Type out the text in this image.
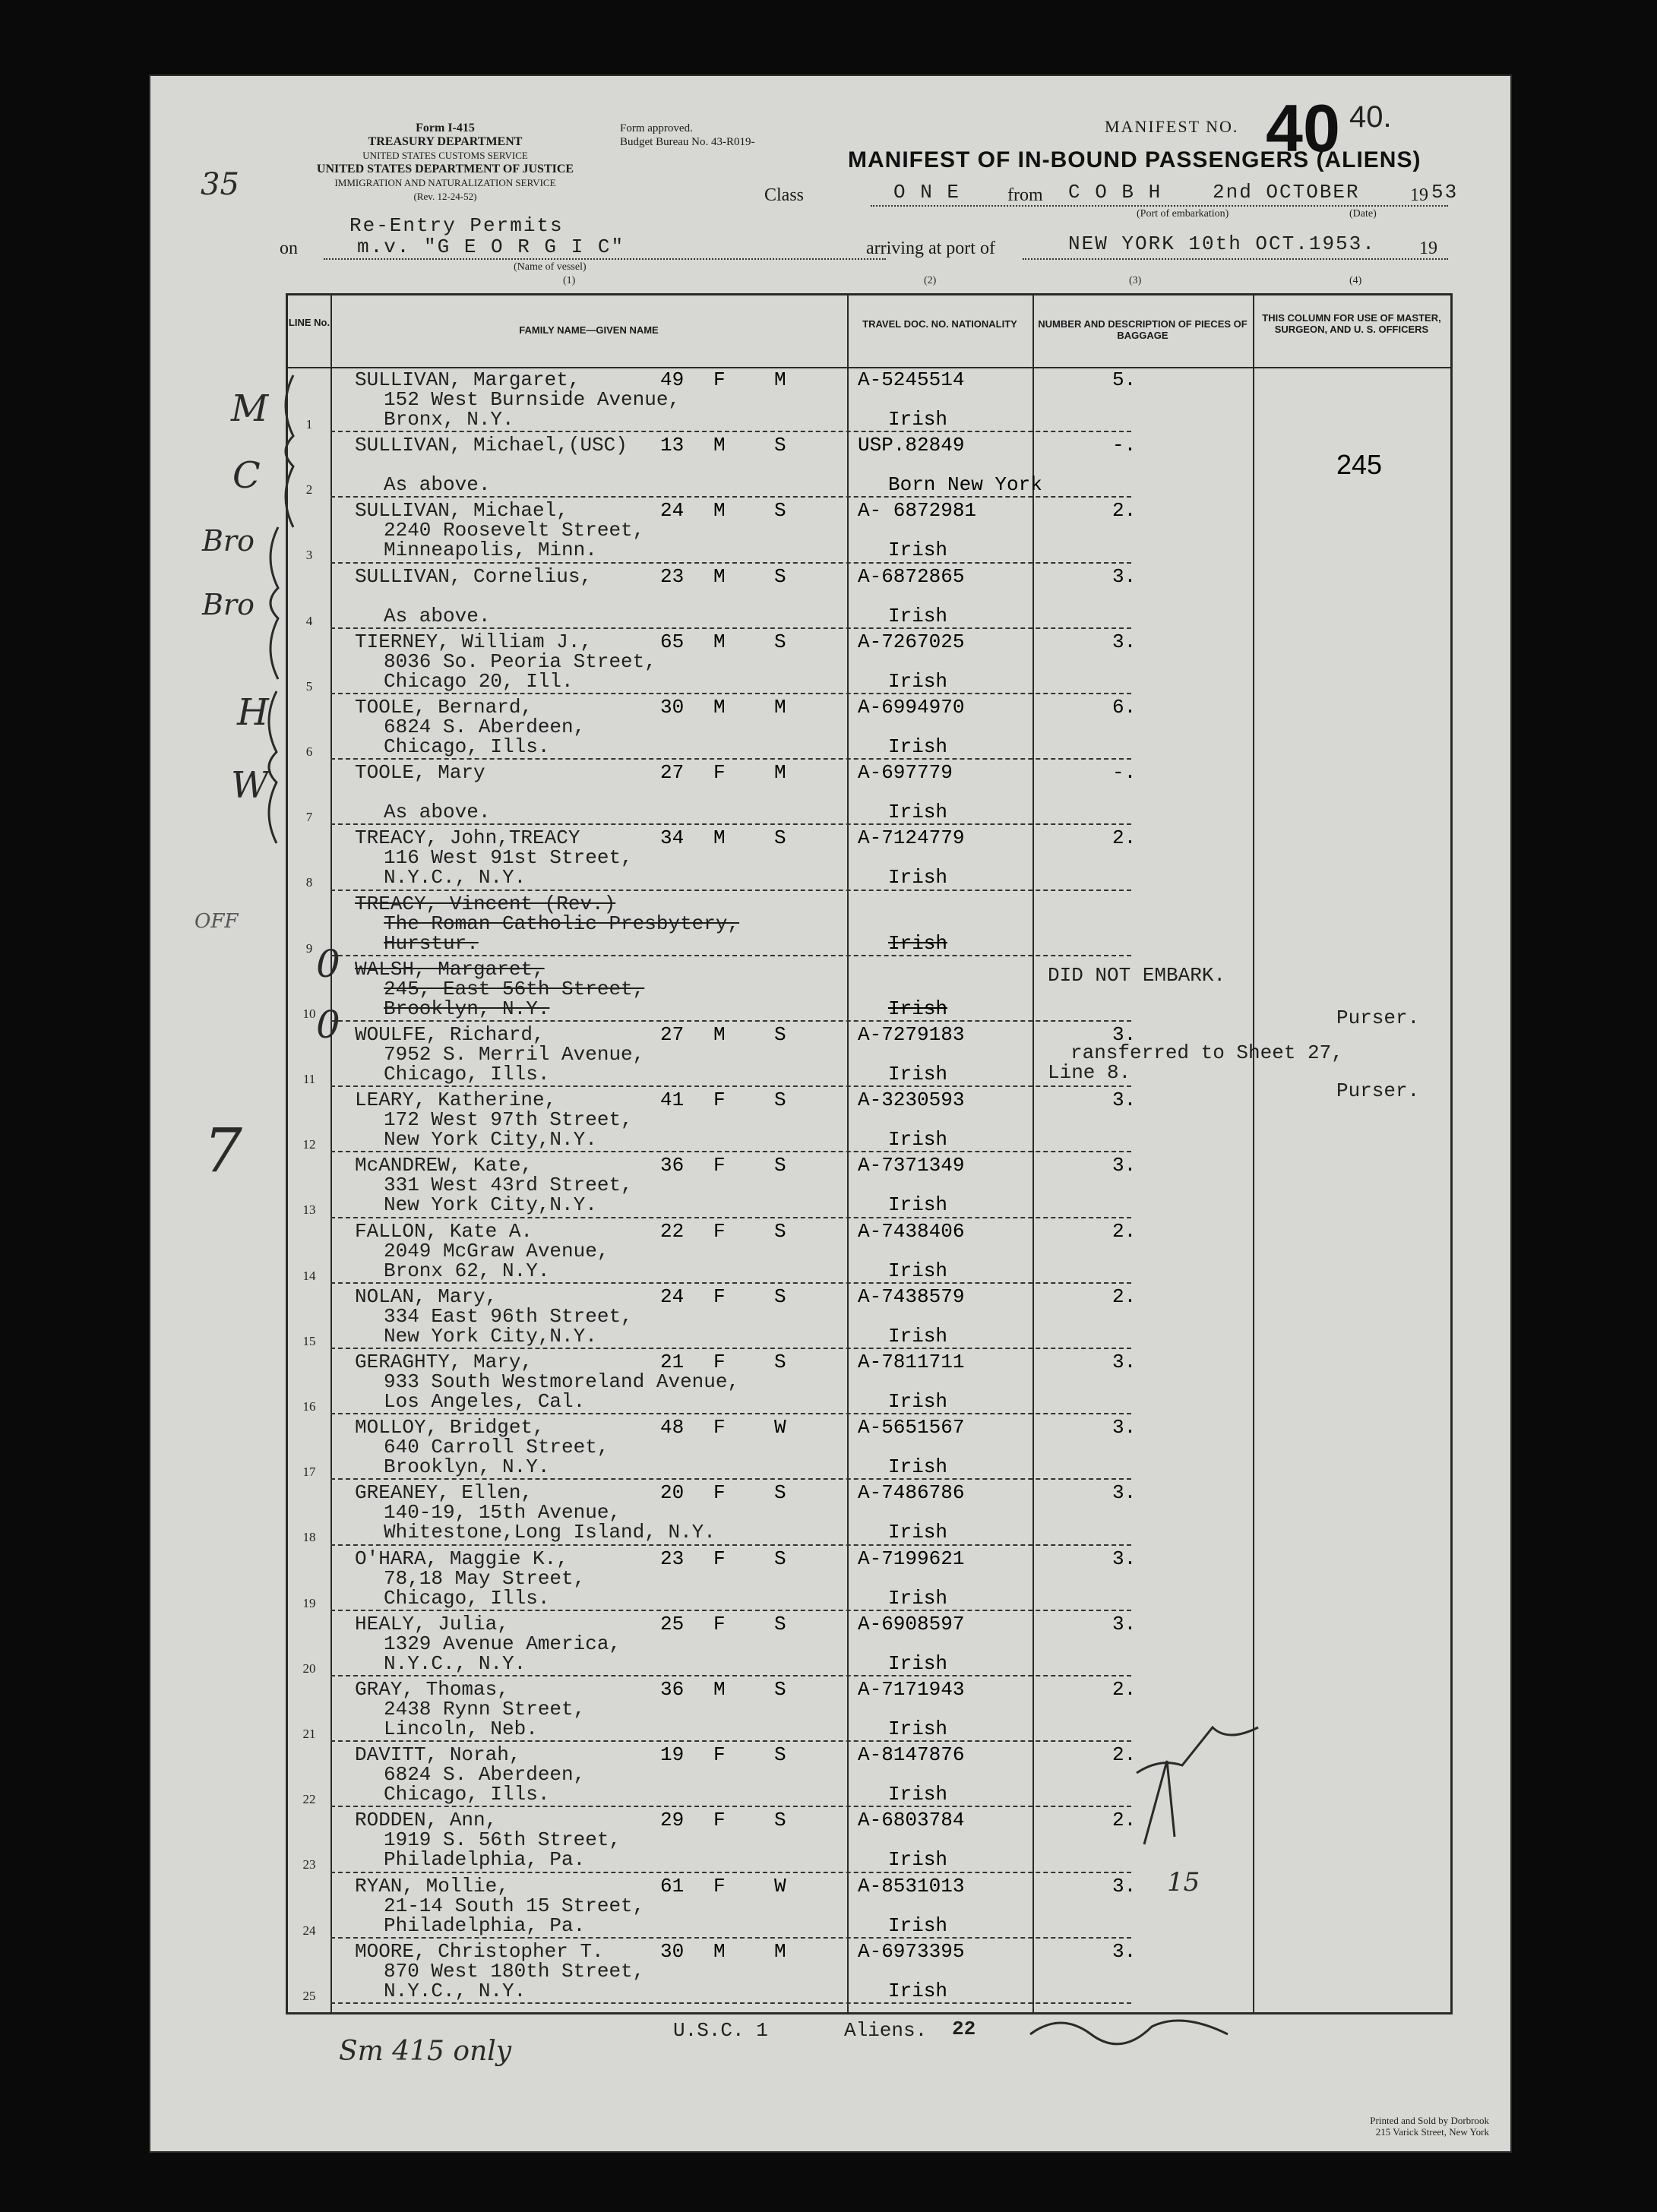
35
Form I-415
TREASURY DEPARTMENT
UNITED STATES CUSTOMS SERVICE
UNITED STATES DEPARTMENT OF JUSTICE
IMMIGRATION AND NATURALIZATION SERVICE
(Rev. 12-24-52)
Form approved.
Budget Bureau No. 43-R019-
MANIFEST NO. 40 40.
MANIFEST OF IN-BOUND PASSENGERS (ALIENS)
Class	O N E	from C O B H	2nd OCTOBER	19 53
(Port of embarkation)	(Date)
Re-Entry Permits
on	m.v. "G E O R G I C"
(Name of vessel)
arriving at port of	NEW YORK 10th OCT.1953. 19
(1)	(2)	(3)	(4)
LINE No.
FAMILY NAME—GIVEN NAME
TRAVEL DOC. NO. NATIONALITY	NUMBER AND DESCRIPTION OF PIECES OF BAGGAGE
THIS COLUMN FOR USE OF MASTER, SURGEON, AND U. S. OFFICERS
1
SULLIVAN, Margaret,	49 F M	A-5245514
152 West Burnside Avenue,
Bronx, N.Y.	Irish
5.
2
SULLIVAN, Michael,(USC) 13 M S	USP.82849
As above.	Born New York
-.
245
3
SULLIVAN, Michael,	24 M S	A- 6872981
2240 Roosevelt Street,
Minneapolis, Minn.	Irish
2.
4
SULLIVAN, Cornelius,	23 M S	A-6872865
As above.	Irish
3.
5
TIERNEY, William J.,	65 M S	A-7267025
8036 So. Peoria Street,
Chicago 20, Ill.	Irish
3.
6
TOOLE, Bernard,	30 M M	A-6994970
6824 S. Aberdeen,
Chicago, Ills.	Irish
6.
7
TOOLE, Mary	27 F M	A-697779
As above.	Irish
-.
8
TREACY, John,TREACY	34 M S	A-7124779
116 West 91st Street,
N.Y.C., N.Y.	Irish
2.
9
TREACY, Vincent (Rev.)
The Roman Catholic Presbytery,
Hurstur.	Irish
10
WALSH, Margaret,
245, East 56th Street,
Brooklyn, N.Y.	Irish
11
WOULFE, Richard,	27 M S	A-7279183
7952 S. Merril Avenue,
Chicago, Ills.	Irish
3.
12
LEARY, Katherine,	41 F S	A-3230593
172 West 97th Street,
New York City,N.Y.	Irish
3.
13
McANDREW, Kate,	36 F S	A-7371349
331 West 43rd Street,
New York City,N.Y.	Irish
3.
14
FALLON, Kate A.	22 F S	A-7438406
2049 McGraw Avenue,
Bronx 62, N.Y.	Irish
2.
15
NOLAN, Mary,	24 F S	A-7438579
334 East 96th Street,
New York City,N.Y.	Irish
2.
16
GERAGHTY, Mary,	21 F S	A-7811711
933 South Westmoreland Avenue,
Los Angeles, Cal.	Irish
3.
17
MOLLOY, Bridget,	48 F W	A-5651567
640 Carroll Street,
Brooklyn, N.Y.	Irish
3.
18
GREANEY, Ellen,	20 F S	A-7486786
140-19, 15th Avenue,
Whitestone,Long Island, N.Y.	Irish
3.
19
O'HARA, Maggie K.,	23 F S	A-7199621
78,18 May Street,
Chicago, Ills.	Irish
3.
20
HEALY, Julia,	25 F S	A-6908597
1329 Avenue America,
N.Y.C., N.Y.	Irish
3.
21
GRAY, Thomas,	36 M S	A-7171943
2438 Rynn Street,
Lincoln, Neb.	Irish
2.
22
DAVITT, Norah,	19 F S	A-8147876
6824 S. Aberdeen,
Chicago, Ills.	Irish
2.
23
RODDEN, Ann,	29 F S	A-6803784
1919 S. 56th Street,
Philadelphia, Pa.	Irish
2.
24
RYAN, Mollie,	61 F W	A-8531013
21-14 South 15 Street,
Philadelphia, Pa.	Irish
3.
25
MOORE, Christopher T.	30 M M	A-6973395
870 West 180th Street,
N.Y.C., N.Y.	Irish
3.
DID NOT EMBARK.
Purser.
ransferred to Sheet 27,
Line 8.
Purser.
U.S.C. 1	Aliens. 22
Printed and Sold by Dorbrook
215 Varick Street, New York
OFF
M
C
Bro
Bro
H
W
0
0
7
Sm 415 only
15
